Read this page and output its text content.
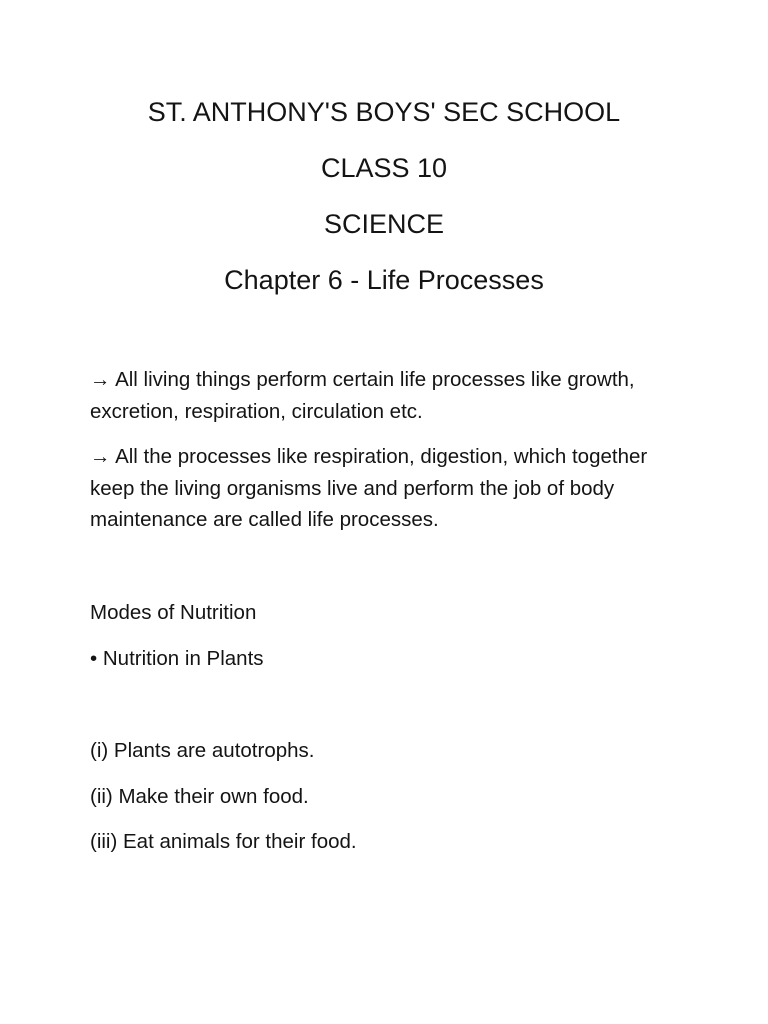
ST. ANTHONY'S BOYS' SEC SCHOOL
CLASS 10
SCIENCE
Chapter 6 - Life Processes

→ All living things perform certain life processes like growth, excretion, respiration, circulation etc.

→ All the processes like respiration, digestion, which together keep the living organisms live and perform the job of body maintenance are called life processes.

Modes of Nutrition

• Nutrition in Plants

(i) Plants are autotrophs.

(ii) Make their own food.

(iii) Eat animals for their food.
